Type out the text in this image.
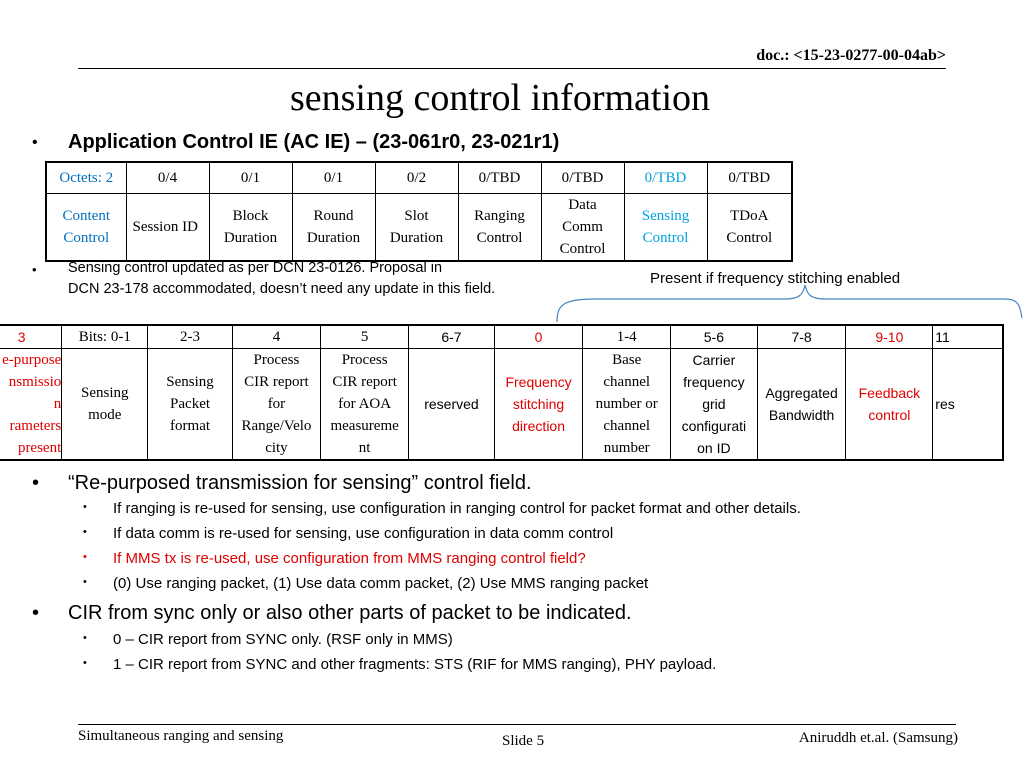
doc.: <15-23-0277-00-04ab>
sensing control information
• Application Control IE (AC IE) – (23-061r0, 23-021r1)
Octets: 2	0/4	0/1	0/1	0/2	0/TBD	0/TBD	0/TBD	0/TBD

Content
Control	Session ID	Block
Duration	Round
Duration	Slot
Duration	Ranging
Control	Data
Comm
Control	Sensing
Control	TDoA
Control
• Sensing control updated as per DCN 23-0126. Proposal in
DCN 23-178 accommodated, doesn’t need any update in this field.
Present if frequency stitching enabled
3	Bits: 0-1	2-3	4	5	6-7	0	1-4	5-6	7-8	9-10	11

e-purpose
nsmissio
n
rameters
present	Sensing
mode	Sensing
Packet
format	Process
CIR report
for
Range/Velo
city	Process
CIR report
for AOA
measureme
nt	reserved	Frequency
stitching
direction	Base
channel
number or
channel
number	Carrier
frequency
grid
configurati
on ID	Aggregated
Bandwidth	Feedback
control	res
• “Re-purposed transmission for sensing” control field.
• If ranging is re-used for sensing, use configuration in ranging control for packet format and other details.
• If data comm is re-used for sensing, use configuration in data comm control
• If MMS tx is re-used, use configuration from MMS ranging control field?
• (0) Use ranging packet, (1) Use data comm packet, (2) Use MMS ranging packet
• CIR from sync only or also other parts of packet to be indicated.
• 0 – CIR report from SYNC only. (RSF only in MMS)
• 1 – CIR report from SYNC and other fragments: STS (RIF for MMS ranging), PHY payload.
Simultaneous ranging and sensing	Slide 5	Aniruddh et.al. (Samsung)
